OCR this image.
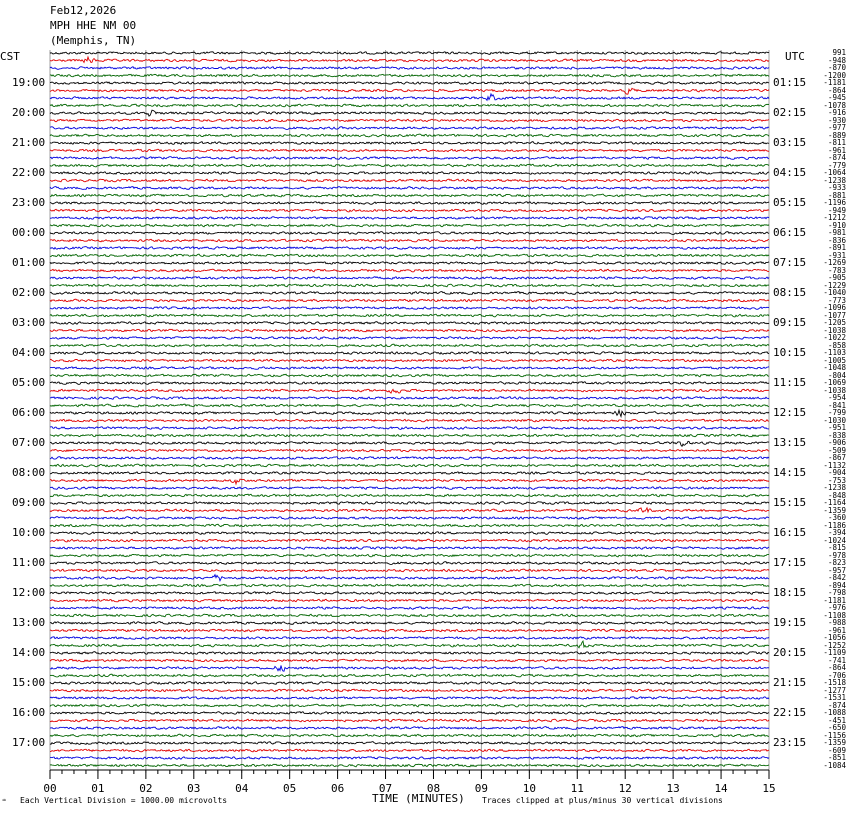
00	01	02	03	04	05	06	07	08	09	10	11	12	13	14	15
Feb12,2026
MPH HHE NM 00
(Memphis, TN)
CST	UTC
19:00
20:00
21:00
22:00
23:00
00:00
01:00
02:00
03:00
04:00
05:00
06:00
07:00
08:00
09:00
10:00
11:00
12:00
13:00
14:00
15:00
16:00
17:00
01:15
02:15
03:15
04:15
05:15
06:15
07:15
08:15
09:15
10:15
11:15
12:15
13:15
14:15
15:15
16:15
17:15
18:15
19:15
20:15
21:15
22:15
23:15
991
-948
-870
-1200
-1181
-864
-945
-1078
-916
-930
-977
-889
-811
-961
-874
-779
-1064
-1238
-933
-881
-1196
-949
-1212
-910
-981
-836
-891
-931
-1269
-783
-905
-1229
-1040
-773
-1096
-1077
-1205
-1038
-1022
-858
-1103
-1005
-1048
-804
-1069
-1038
-954
-841
-799
-1030
-951
-838
-906
-509
-867
-1132
-904
-753
-1238
-848
-1164
-1359
-360
-1186
-394
-1024
-815
-978
-823
-957
-842
-894
-798
-1181
-976
-1108
-988
-961
-1056
-1252
-1109
-741
-864
-706
-1518
-1277
-1531
-874
-1088
-451
-650
-1156
-1359
-609
-851
-1084
♒ Each Vertical Division = 1000.00 microvolts	TIME (MINUTES) Traces clipped at plus/minus 30 vertical divisions
